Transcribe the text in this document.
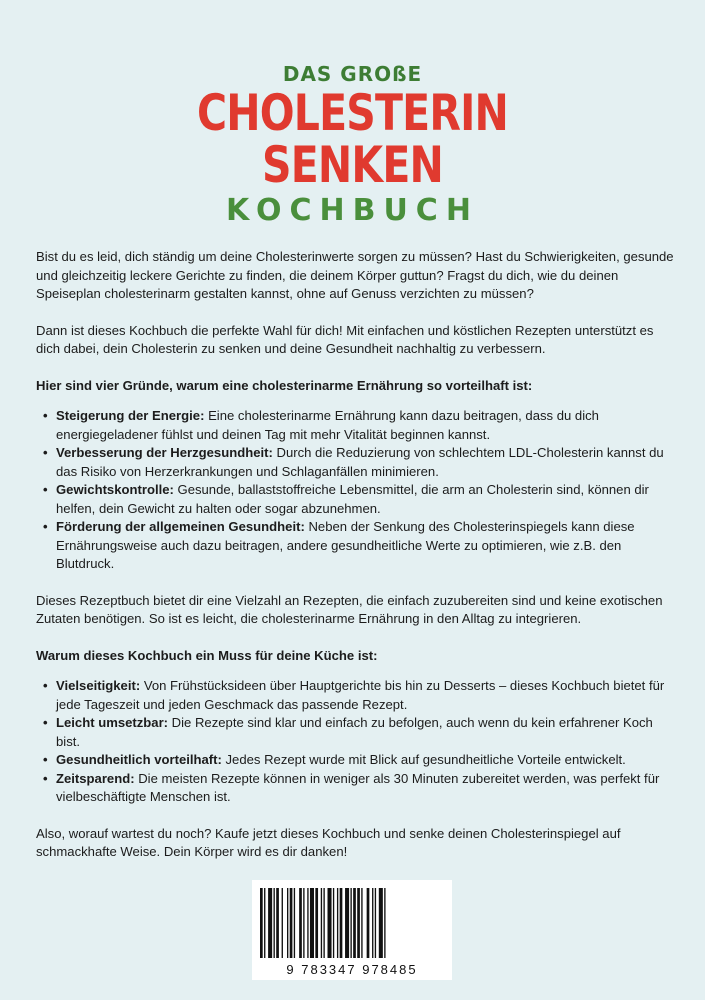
DAS GROßE
CHOLESTERIN
SENKEN
KOCHBUCH

Bist du es leid, dich ständig um deine Cholesterinwerte sorgen zu müssen? Hast du Schwierigkeiten, gesunde und gleichzeitig leckere Gerichte zu finden, die deinem Körper guttun? Fragst du dich, wie du deinen Speiseplan cholesterinarm gestalten kannst, ohne auf Genuss verzichten zu müssen?

Dann ist dieses Kochbuch die perfekte Wahl für dich! Mit einfachen und köstlichen Rezepten unterstützt es dich dabei, dein Cholesterin zu senken und deine Gesundheit nachhaltig zu verbessern.

Hier sind vier Gründe, warum eine cholesterinarme Ernährung so vorteilhaft ist:

• Steigerung der Energie: Eine cholesterinarme Ernährung kann dazu beitragen, dass du dich energiegeladener fühlst und deinen Tag mit mehr Vitalität beginnen kannst.
• Verbesserung der Herzgesundheit: Durch die Reduzierung von schlechtem LDL-Cholesterin kannst du das Risiko von Herzerkrankungen und Schlaganfällen minimieren.
• Gewichtskontrolle: Gesunde, ballaststoffreiche Lebensmittel, die arm an Cholesterin sind, können dir helfen, dein Gewicht zu halten oder sogar abzunehmen.
• Förderung der allgemeinen Gesundheit: Neben der Senkung des Cholesterinspiegels kann diese Ernährungsweise auch dazu beitragen, andere gesundheitliche Werte zu optimieren, wie z.B. den Blutdruck.

Dieses Rezeptbuch bietet dir eine Vielzahl an Rezepten, die einfach zuzubereiten sind und keine exotischen Zutaten benötigen. So ist es leicht, die cholesterinarme Ernährung in den Alltag zu integrieren.

Warum dieses Kochbuch ein Muss für deine Küche ist:

• Vielseitigkeit: Von Frühstücksideen über Hauptgerichte bis hin zu Desserts – dieses Kochbuch bietet für jede Tageszeit und jeden Geschmack das passende Rezept.
• Leicht umsetzbar: Die Rezepte sind klar und einfach zu befolgen, auch wenn du kein erfahrener Koch bist.
• Gesundheitlich vorteilhaft: Jedes Rezept wurde mit Blick auf gesundheitliche Vorteile entwickelt.
• Zeitsparend: Die meisten Rezepte können in weniger als 30 Minuten zubereitet werden, was perfekt für vielbeschäftigte Menschen ist.

Also, worauf wartest du noch? Kaufe jetzt dieses Kochbuch und senke deinen Cholesterinspiegel auf schmackhafte Weise. Dein Körper wird es dir danken!

9 783347 978485
